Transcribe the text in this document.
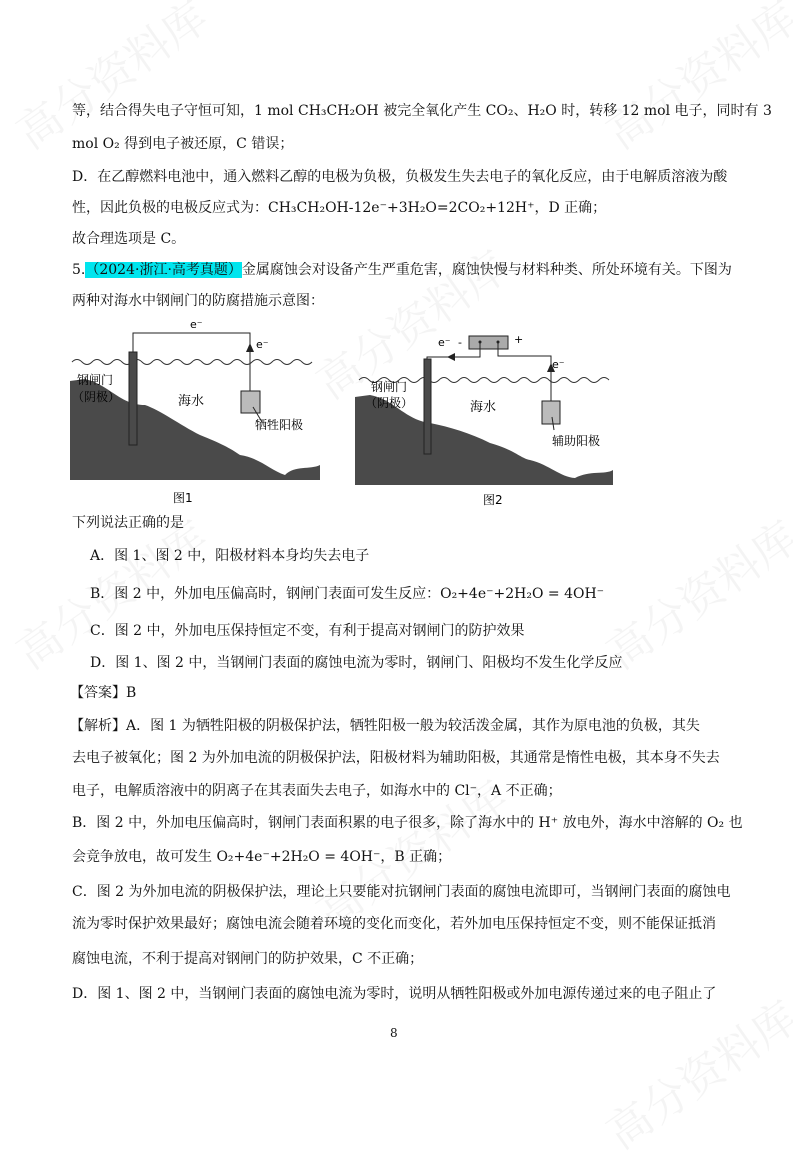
等，结合得失电子守恒可知，1 mol CH₃CH₂OH 被完全氧化产生 CO₂、H₂O 时，转移 12 mol 电子，同时有 3
mol O₂ 得到电子被还原，C 错误；
D．在乙醇燃料电池中，通入燃料乙醇的电极为负极，负极发生失去电子的氧化反应，由于电解质溶液为酸
性，因此负极的电极反应式为：CH₃CH₂OH-12e⁻+3H₂O=2CO₂+12H⁺，D 正确；
故合理选项是 C。
5.（2024·浙江·高考真题）金属腐蚀会对设备产生严重危害，腐蚀快慢与材料种类、所处环境有关。下图为
两种对海水中钢闸门的防腐措施示意图：
e⁻
e⁻
钢闸门
（阴极）	海水
牺牲阳极
图1
e⁻ -	+
e⁻
钢闸门
（阴极）	海水
辅助阳极
图2
下列说法正确的是
A．图 1、图 2 中，阳极材料本身均失去电子
B．图 2 中，外加电压偏高时，钢闸门表面可发生反应：O₂+4e⁻+2H₂O = 4OH⁻
C．图 2 中，外加电压保持恒定不变，有利于提高对钢闸门的防护效果
D．图 1、图 2 中，当钢闸门表面的腐蚀电流为零时，钢闸门、阳极均不发生化学反应
【答案】B
【解析】A．图 1 为牺牲阳极的阴极保护法，牺牲阳极一般为较活泼金属，其作为原电池的负极，其失
去电子被氧化；图 2 为外加电流的阴极保护法，阳极材料为辅助阳极，其通常是惰性电极，其本身不失去
电子，电解质溶液中的阴离子在其表面失去电子，如海水中的 Cl⁻，A 不正确；
B．图 2 中，外加电压偏高时，钢闸门表面积累的电子很多，除了海水中的 H⁺ 放电外，海水中溶解的 O₂ 也
会竞争放电，故可发生 O₂+4e⁻+2H₂O = 4OH⁻，B 正确；
C．图 2 为外加电流的阴极保护法，理论上只要能对抗钢闸门表面的腐蚀电流即可，当钢闸门表面的腐蚀电
流为零时保护效果最好；腐蚀电流会随着环境的变化而变化，若外加电压保持恒定不变，则不能保证抵消
腐蚀电流，不利于提高对钢闸门的防护效果，C 不正确；
D．图 1、图 2 中，当钢闸门表面的腐蚀电流为零时，说明从牺牲阳极或外加电源传递过来的电子阻止了
8
